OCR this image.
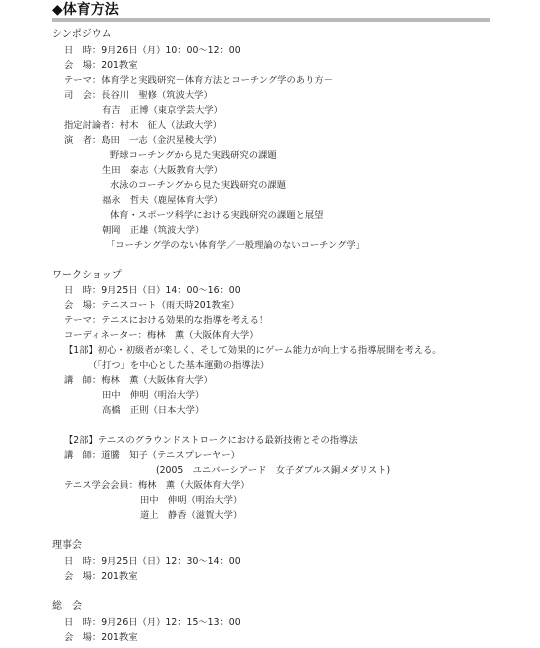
◆体育方法
シンポジウム
日　時：9月26日（月）10：00〜12：00
会　場：201教室
テーマ：体育学と実践研究－体育方法とコーチング学のあり方－
司　会：長谷川　聖修（筑波大学）
有吉　正博（東京学芸大学）
指定討論者：村木　征人（法政大学）
演　者：島田　一志（金沢星稜大学）
野球コーチングから見た実践研究の課題
生田　泰志（大阪教育大学）
水泳のコーチングから見た実践研究の課題
福永　哲夫（鹿屋体育大学）
体育・スポーツ科学における実践研究の課題と展望
朝岡　正雄（筑波大学）
「コーチング学のない体育学／一般理論のないコーチング学」
ワークショップ
日　時：9月25日（日）14：00〜16：00
会　場：テニスコート（雨天時201教室）
テーマ：テニスにおける効果的な指導を考える！
コーディネーター：梅林　薫（大阪体育大学）
【1部】初心・初級者が楽しく、そして効果的にゲーム能力が向上する指導展開を考える。
（「打つ」を中心とした基本運動の指導法）
講　師：梅林　薫（大阪体育大学）
田中　伸明（明治大学）
高橋　正則（日本大学）
【2部】テニスのグラウンドストロークにおける最新技術とその指導法
講　師：道騰　知子（テニスプレーヤー）
(2005　ユニバーシアード　女子ダブルス銅メダリスト)
テニス学会会員：梅林　薫（大阪体育大学）
田中　伸明（明治大学）
道上　静香（滋賀大学）
理事会
日　時：9月25日（日）12：30〜14：00
会　場：201教室
総　会
日　時：9月26日（月）12：15〜13：00
会　場：201教室
